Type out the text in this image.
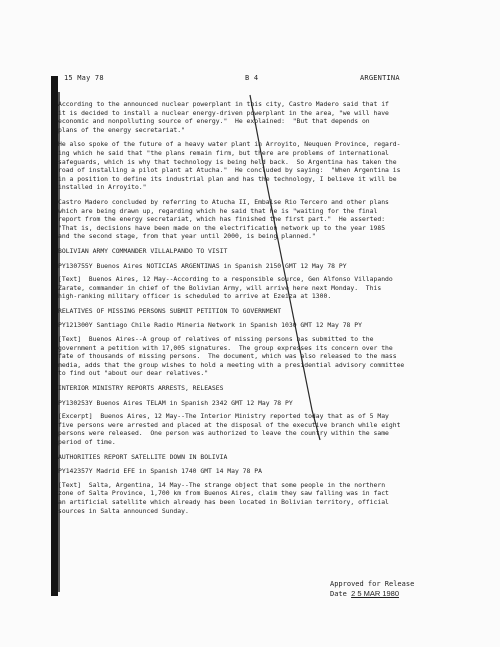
15 May 78	B 4	ARGENTINA

According to the announced nuclear powerplant in this city, Castro Madero said that if
it is decided to install a nuclear energy-driven powerplant in the area, "we will have
economic and nonpolluting source of energy."  He explained:  "But that depends on
plans of the energy secretariat."

He also spoke of the future of a heavy water plant in Arroyito, Neuquen Province, regard-
ing which he said that "the plans remain firm, but there are problems of international
safeguards, which is why that technology is being held back.  So Argentina has taken the
road of installing a pilot plant at Atucha."  He concluded by saying:  "When Argentina is
in a position to define its industrial plan and has the technology, I believe it will be
installed in Arroyito."

Castro Madero concluded by referring to Atucha II, Embalse Rio Tercero and other plans
which are being drawn up, regarding which he said that he is "waiting for the final
report from the energy secretariat, which has finished the first part."  He asserted:
"That is, decisions have been made on the electrification network up to the year 1985
and the second stage, from that year until 2000, is being planned."

BOLIVIAN ARMY COMMANDER VILLALPANDO TO VISIT

PY130755Y Buenos Aires NOTICIAS ARGENTINAS in Spanish 2150 GMT 12 May 78 PY

[Text]  Buenos Aires, 12 May--According to a responsible source, Gen Alfonso Villapando
Zarate, commander in chief of the Bolivian Army, will arrive here next Monday.  This
high-ranking military officer is scheduled to arrive at Ezeiza at 1300.

RELATIVES OF MISSING PERSONS SUBMIT PETITION TO GOVERNMENT

PY121300Y Santiago Chile Radio Mineria Network in Spanish 1030 GMT 12 May 78 PY

[Text]  Buenos Aires--A group of relatives of missing persons has submitted to the
government a petition with 17,005 signatures.  The group expresses its concern over the
fate of thousands of missing persons.  The document, which was also released to the mass
media, adds that the group wishes to hold a meeting with a presidential advisory committee
to find out "about our dear relatives."

INTERIOR MINISTRY REPORTS ARRESTS, RELEASES

PY130253Y Buenos Aires TELAM in Spanish 2342 GMT 12 May 78 PY

[Excerpt]  Buenos Aires, 12 May--The Interior Ministry reported today that as of 5 May
five persons were arrested and placed at the disposal of the executive branch while eight
persons were released.  One person was authorized to leave the country within the same
period of time.

AUTHORITIES REPORT SATELLITE DOWN IN BOLIVIA

PY142357Y Madrid EFE in Spanish 1740 GMT 14 May 78 PA

[Text]  Salta, Argentina, 14 May--The strange object that some people in the northern
zone of Salta Province, 1,700 km from Buenos Aires, claim they saw falling was in fact
an artificial satellite which already has been located in Bolivian territory, official
sources in Salta announced Sunday.

Approved for Release
Date 2 5 MAR 1980
